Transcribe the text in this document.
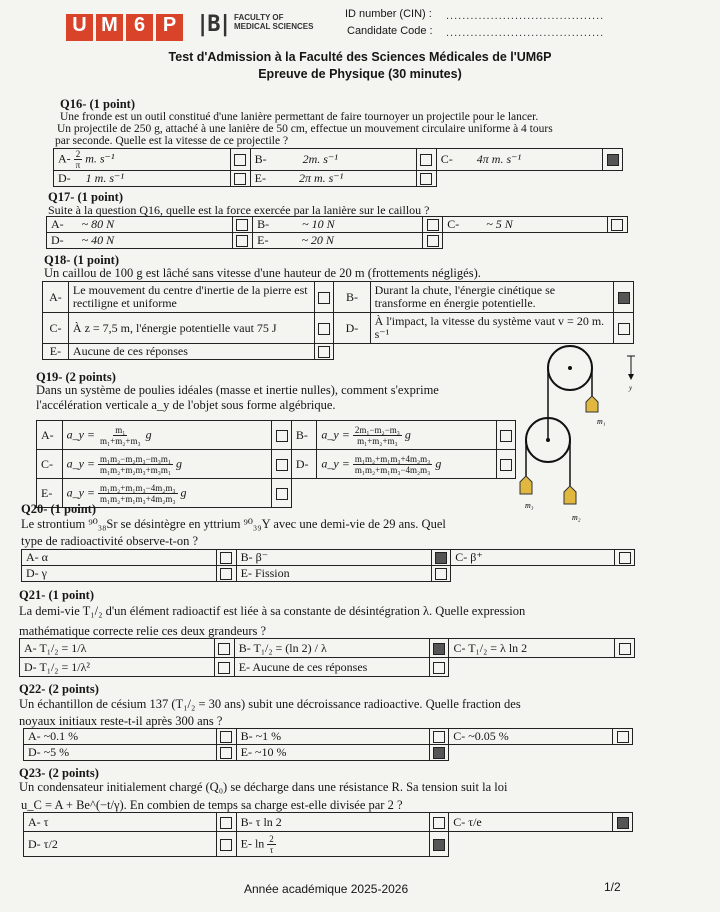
U M 6 P |B| FACULTY OF
MEDICAL SCIENCES
ID number (CIN) : .......................................
Candidate Code : .......................................
Test d'Admission à la Faculté des Sciences Médicales de l'UM6P
Epreuve de Physique (30 minutes)
Q16- (1 point)
Une fronde est un outil constitué d'une lanière permettant de faire tournoyer un projectile pour le lancer.
Un projectile de 250 g, attaché à une lanière de 50 cm, effectue un mouvement circulaire uniforme à 4 tours
par seconde. Quelle est la vitesse de ce projectile ?
$A- \frac{2}{\pi} m$. s⁻¹		B- 2m. s⁻¹		C- 4π m. s⁻¹	
D- 1 m. s⁻¹		E- 2π m. s⁻¹			
Q17- (1 point)
Suite à la question Q16, quelle est la force exercée par la lanière sur le caillou ?
A- ~ 80 N		B- ~ 10 N		C- ~ 5 N	
D- ~ 40 N		E- ~ 20 N			
Q18- (1 point)
Un caillou de 100 g est lâché sans vitesse d'une hauteur de 20 m (frottements négligés).
A-	Le mouvement du centre d'inertie de la pierre est rectiligne et uniforme		B-	Durant la chute, l'énergie cinétique se transforme en énergie potentielle.	
C-	À z = 7,5 m, l'énergie potentielle vaut 75 J		D-	À l'impact, la vitesse du système vaut v = 20 m. s⁻¹	
E-	Aucune de ces réponses				
Q19- (2 points)
Dans un système de poulies idéales (masse et inertie nulles), comment s'exprime
l'accélération verticale a_y de l'objet sous forme algébrique.
A-	a_y = $\frac{\text{m₁}}{\text{m₁+m₂+m₃}}$ g		B-	a_y = $\frac{\text{2m₁−m₂−m₃}}{\text{m₁+m₂+m₃}}$ g	
C-	a_y = $\frac{\text{m₁m₂−m₂m₃−m₃m₁}}{\text{m₁m₂+m₂m₃+m₃m₁}}$ g		D-	a_y = $\frac{\text{m₁m₂+m₁m₃+4m₂m₃}}{\text{m₁m₂+m₁m₃−4m₂m₃}}$ g	
E-	a_y = $\frac{\text{m₁m₂+m₁m₃−4m₂m₃}}{\text{m₁m₂+m₁m₃+4m₂m₃}}$ g				
m₁
m₃
m₂
y
Q20- (1 point)
Le strontium ⁹⁰₃₈Sr se désintègre en yttrium ⁹⁰₃₉Y avec une demi-vie de 29 ans. Quel
type de radioactivité observe-t-on ?
A- α		B- β⁻		C- β⁺	
D- γ		E- Fission			
Q21- (1 point)
La demi-vie T₁/₂ d'un élément radioactif est liée à sa constante de désintégration λ. Quelle expression
mathématique correcte relie ces deux grandeurs ?
A- T₁/₂ = 1/λ		B- T₁/₂ = (ln 2) / λ		C- T₁/₂ = λ ln 2	
D- T₁/₂ = 1/λ²		E- Aucune de ces réponses			
Q22- (2 points)
Un échantillon de césium 137 (T₁/₂ = 30 ans) subit une décroissance radioactive. Quelle fraction des
noyaux initiaux reste-t-il après 300 ans ?
A- ~0.1 %		B- ~1 %		C- ~0.05 %	
D- ~5 %		E- ~10 %			
Q23- (2 points)
Un condensateur initialement chargé (Q₀) se décharge dans une résistance R. Sa tension suit la loi
u_C = A + Be^(−t/γ). En combien de temps sa charge est-elle divisée par 2 ?
A- τ		B- τ ln 2		C- τ/e	
D- τ/2		E- $\ln \frac{2}{\tau}$

Année académique 2025-2026	1/2
